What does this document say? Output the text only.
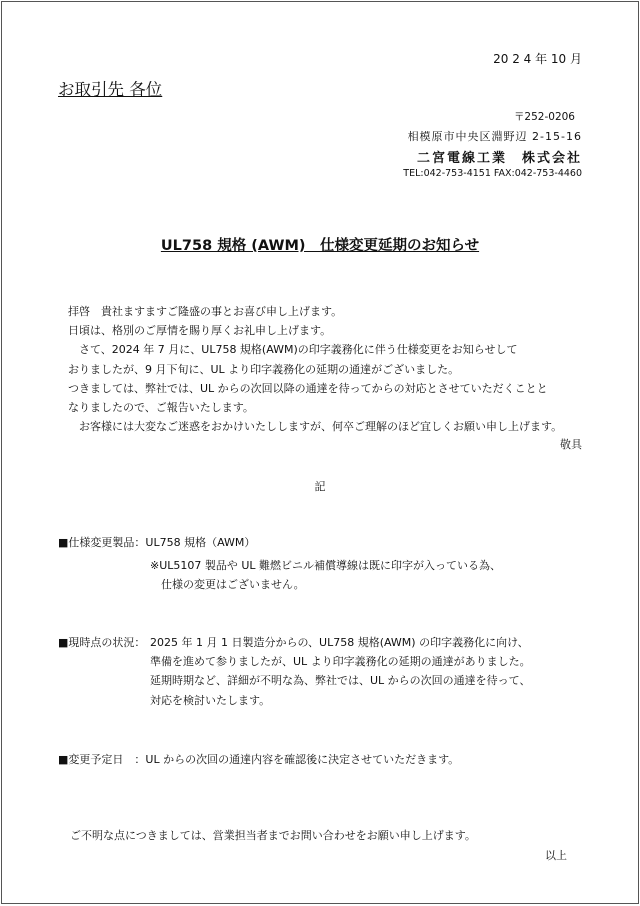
20 2 4 年 10 月
お取引先 各位
〒252-0206
相模原市中央区淵野辺 2-15-16
二宮電線工業　株式会社
TEL:042-753-4151 FAX:042-753-4460
UL758 規格 (AWM)　仕様変更延期のお知らせ
拝啓　貴社ますますご隆盛の事とお喜び申し上げます。
日頃は、格別のご厚情を賜り厚くお礼申し上げます。
　さて、2024 年 7 月に、UL758 規格(AWM)の印字義務化に伴う仕様変更をお知らせして
おりましたが、9 月下旬に、UL より印字義務化の延期の通達がございました。
つきましては、弊社では、UL からの次回以降の通達を待ってからの対応とさせていただくことと
なりましたので、ご報告いたします。
　お客様には大変なご迷惑をおかけいたししますが、何卒ご理解のほど宜しくお願い申し上げます。
敬具
記
■仕様変更製品：UL758 規格（AWM）
※UL5107 製品や UL 難燃ビニル補償導線は既に印字が入っている為、
　仕様の変更はございません。
■現時点の状況： 2025 年 1 月 1 日製造分からの、UL758 規格(AWM) の印字義務化に向け、
準備を進めて参りましたが、UL より印字義務化の延期の通達がありました。
延期時期など、詳細が不明な為、弊社では、UL からの次回の通達を待って、
対応を検討いたします。
■変更予定日　：UL からの次回の通達内容を確認後に決定させていただきます。
ご不明な点につきましては、営業担当者までお問い合わせをお願い申し上げます。
以上
